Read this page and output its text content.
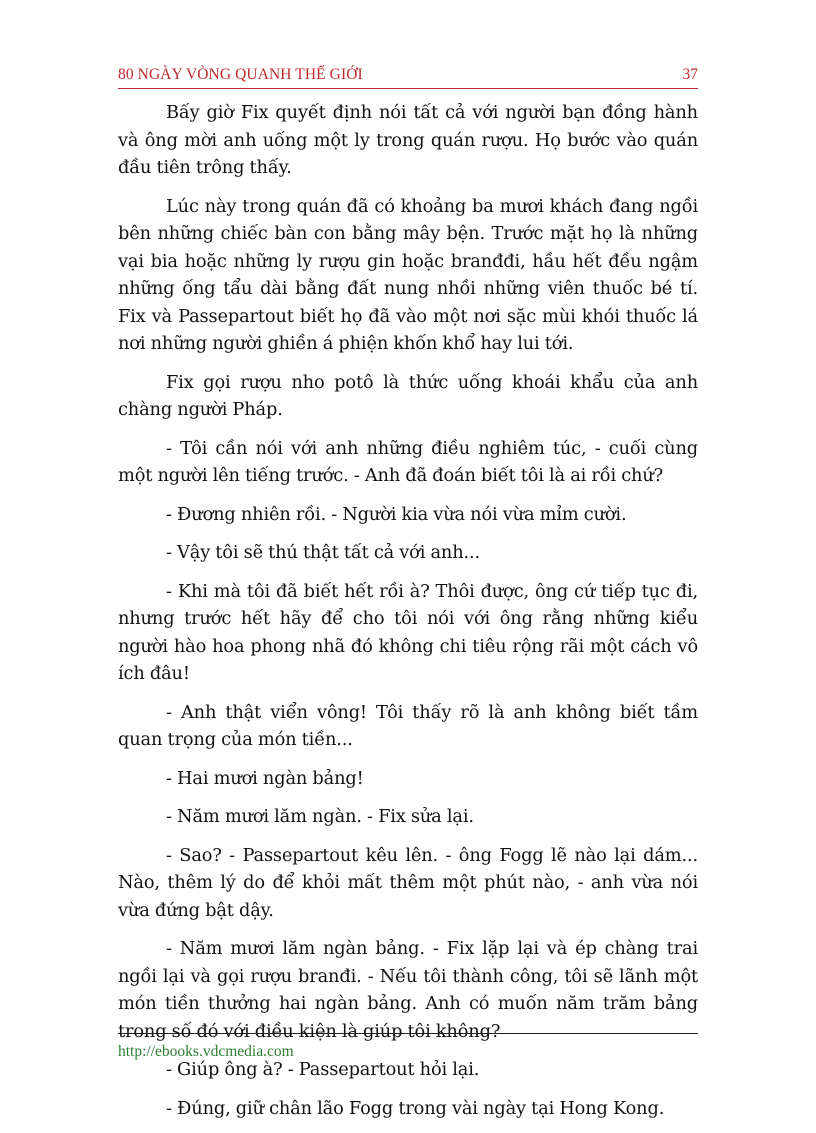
80 NGÀY VÒNG QUANH THẾ GIỚI	37

Bấy giờ Fix quyết định nói tất cả với người bạn đồng hành và ông mời anh uống một ly trong quán rượu. Họ bước vào quán đầu tiên trông thấy.

Lúc này trong quán đã có khoảng ba mươi khách đang ngồi bên những chiếc bàn con bằng mây bện. Trước mặt họ là những vại bia hoặc những ly rượu gin hoặc branđđi, hầu hết đều ngậm những ống tẩu dài bằng đất nung nhồi những viên thuốc bé tí. Fix và Passepartout biết họ đã vào một nơi sặc mùi khói thuốc lá nơi những người ghiền á phiện khốn khổ hay lui tới.

Fix gọi rượu nho potô là thức uống khoái khẩu của anh chàng người Pháp.

- Tôi cần nói với anh những điều nghiêm túc, - cuối cùng một người lên tiếng trước. - Anh đã đoán biết tôi là ai rồi chứ?

- Đương nhiên rồi. - Người kia vừa nói vừa mỉm cười.

- Vậy tôi sẽ thú thật tất cả với anh...

- Khi mà tôi đã biết hết rồi à? Thôi được, ông cứ tiếp tục đi, nhưng trước hết hãy để cho tôi nói với ông rằng những kiểu người hào hoa phong nhã đó không chi tiêu rộng rãi một cách vô ích đâu!

- Anh thật viển vông! Tôi thấy rõ là anh không biết tầm quan trọng của món tiền...

- Hai mươi ngàn bảng!

- Năm mươi lăm ngàn. - Fix sửa lại.

- Sao? - Passepartout kêu lên. - ông Fogg lẽ nào lại dám... Nào, thêm lý do để khỏi mất thêm một phút nào, - anh vừa nói vừa đứng bật dậy.

- Năm mươi lăm ngàn bảng. - Fix lặp lại và ép chàng trai ngồi lại và gọi rượu branđi. - Nếu tôi thành công, tôi sẽ lãnh một món tiền thưởng hai ngàn bảng. Anh có muốn năm trăm bảng trong số đó với điều kiện là giúp tôi không?

- Giúp ông à? - Passepartout hỏi lại.

- Đúng, giữ chân lão Fogg trong vài ngày tại Hong Kong.

http://ebooks.vdcmedia.com
